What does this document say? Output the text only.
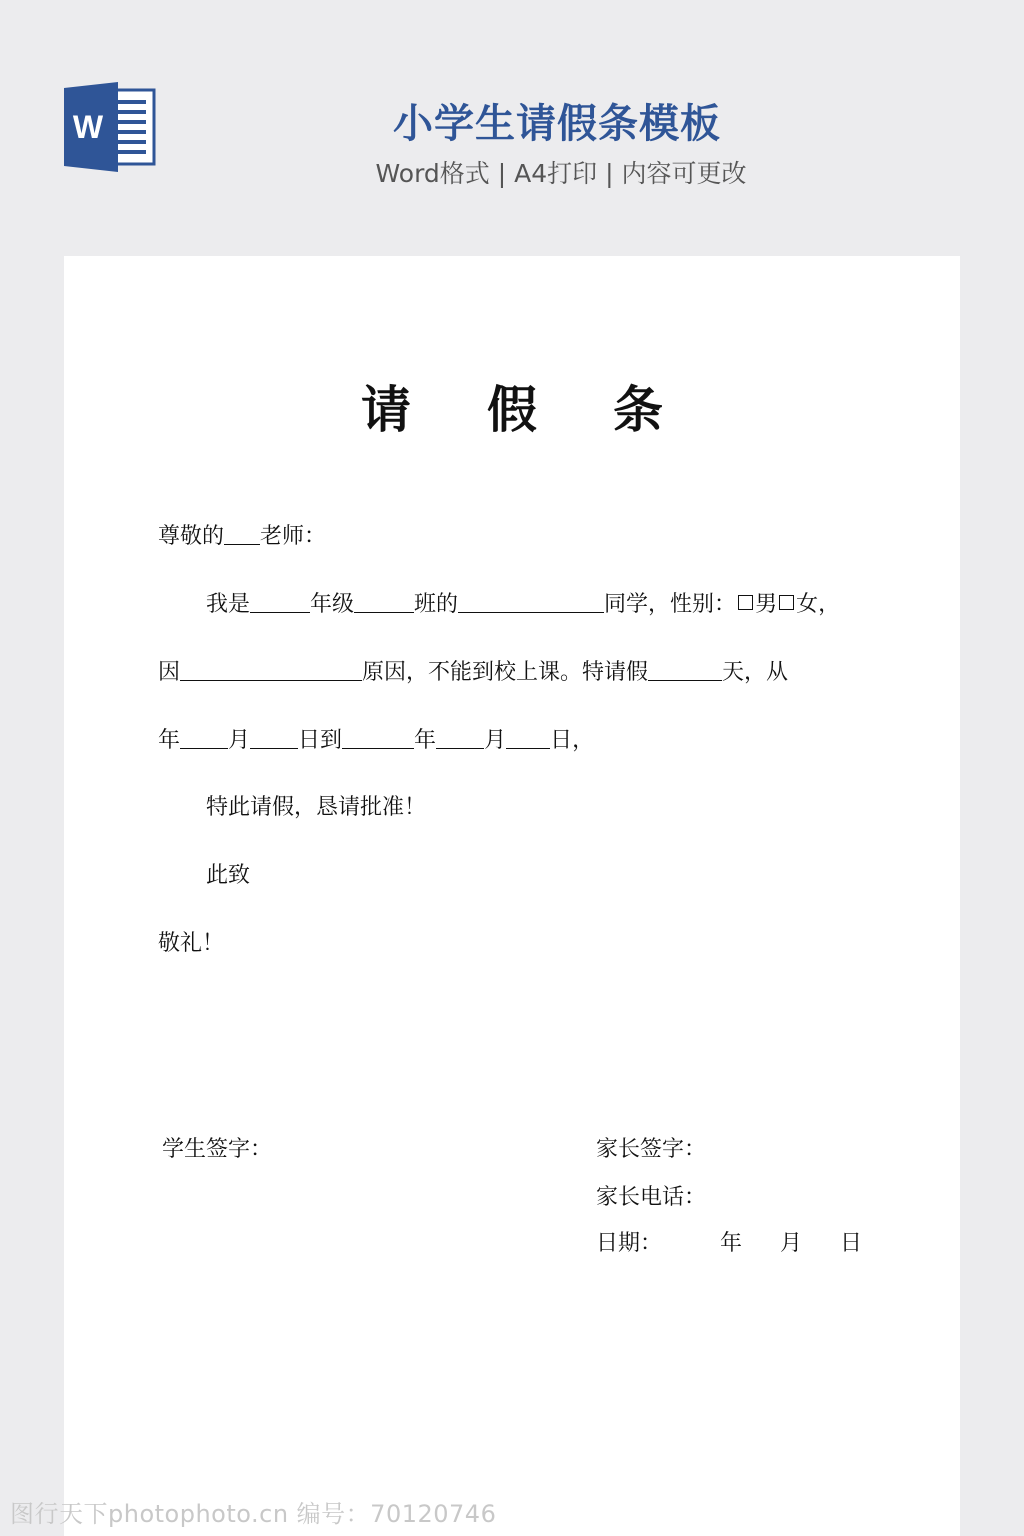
W	小学生请假条模板
Word格式 | A4打印 | 内容可更改
请 假 条
尊敬的 老师：
我是	年级	班的	同学，性别： 男 女，
因	原因，不能到校上课。特请假	天，从
年 月 日到	年 月 日，
特此请假，恳请批准！
此致
敬礼！
学生签字：	家长签字：
家长电话：
日期：	年 月 日
图行天下photophoto.cn 编号：70120746
